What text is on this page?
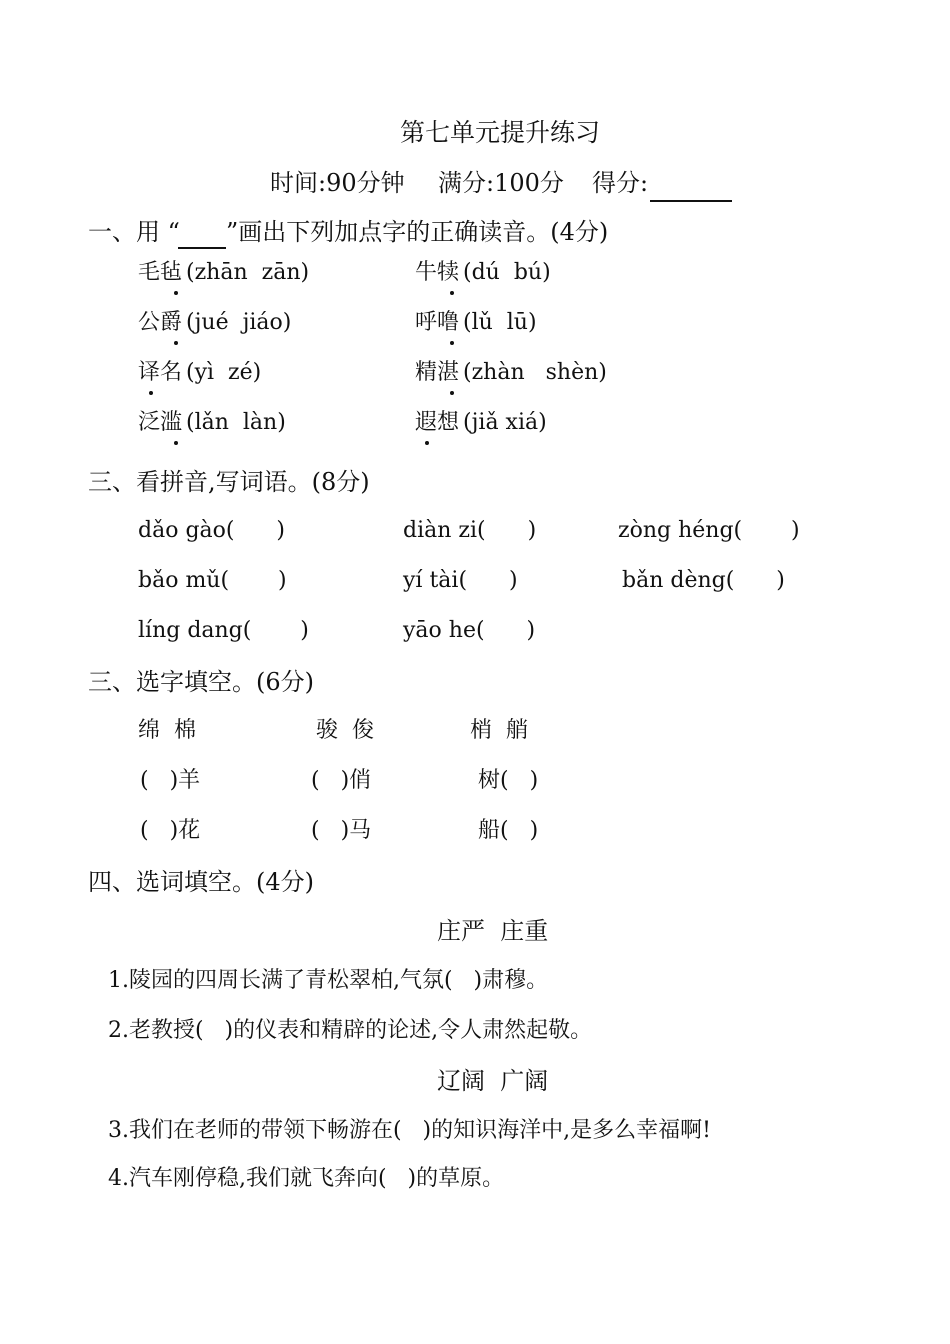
第七单元提升练习
时间:90分钟 满分:100分 得分:
一、用 “ ”画出下列加点字的正确读音。(4分)
毛毡 (zhān  zān)	牛犊 (dú  bú)
公爵 (jué  jiáo)	呼噜 (lǔ  lū)
译名 (yì  zé)	精湛 (zhàn   shèn)
泛滥 (lǎn  làn)	遐想 (jiǎ xiá)
三、看拼音,写词语。(8分)
dǎo gào(      )	diàn zi(      )	zòng héng(       )
bǎo mǔ(       )	yí tài(      )	bǎn dèng(      )
líng dang(       )	yāo he(      )
三、选字填空。(6分)
绵  棉	骏  俊	梢  艄
(   )羊	(   )俏	树(   )
(   )花	(   )马	船(   )
四、选词填空。(4分)
庄严  庄重
1.陵园的四周长满了青松翠柏,气氛(   )肃穆。
2.老教授(   )的仪表和精辟的论述,令人肃然起敬。
辽阔  广阔
3.我们在老师的带领下畅游在(   )的知识海洋中,是多么幸福啊!
4.汽车刚停稳,我们就飞奔向(   )的草原。
